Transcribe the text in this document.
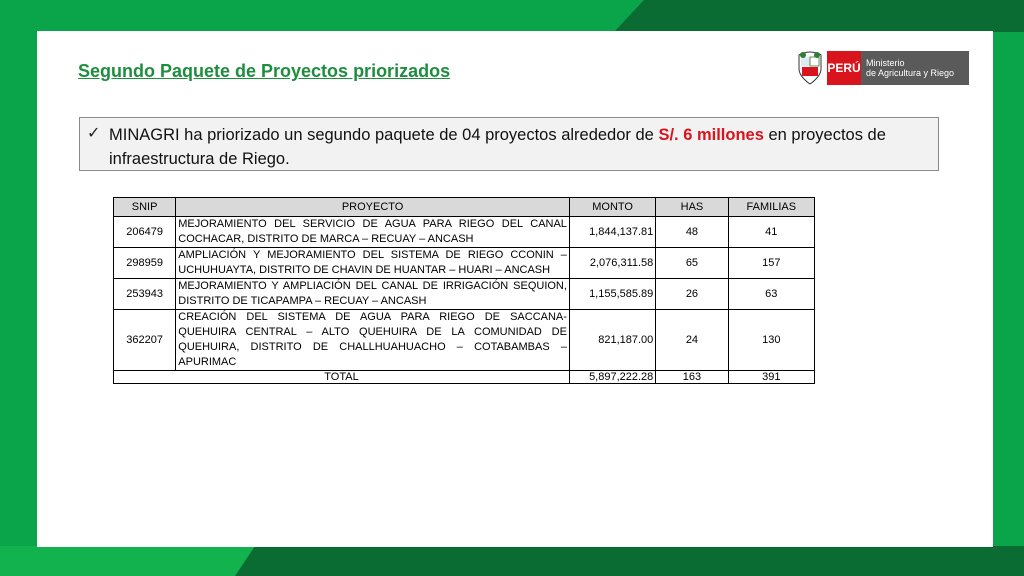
Segundo Paquete de Proyectos priorizados	PERÚ Ministerio
de Agricultura y Riego
✓ MINAGRI ha priorizado un segundo paquete de 04 proyectos alrededor de S/. 6 millones en proyectos de infraestructura de Riego.
SNIP	PROYECTO	MONTO	HAS	FAMILIAS
206479	MEJORAMIENTO DEL SERVICIO DE AGUA PARA RIEGO DEL CANAL COCHACAR, DISTRITO DE MARCA – RECUAY – ANCASH	1,844,137.81	48	41
298959	AMPLIACIÓN Y MEJORAMIENTO DEL SISTEMA DE RIEGO CCONIN – UCHUHUAYTA, DISTRITO DE CHAVIN DE HUANTAR – HUARI – ANCASH	2,076,311.58	65	157
253943	MEJORAMIENTO Y AMPLIACIÓN DEL CANAL DE IRRIGACIÓN SEQUION, DISTRITO DE TICAPAMPA – RECUAY – ANCASH	1,155,585.89	26	63
362207	CREACIÓN DEL SISTEMA DE AGUA PARA RIEGO DE SACCANA-QUEHUIRA CENTRAL – ALTO QUEHUIRA DE LA COMUNIDAD DE QUEHUIRA, DISTRITO DE CHALLHUAHUACHO – COTABAMBAS – APURIMAC	821,187.00	24	130
TOTAL		5,897,222.28	163	391
